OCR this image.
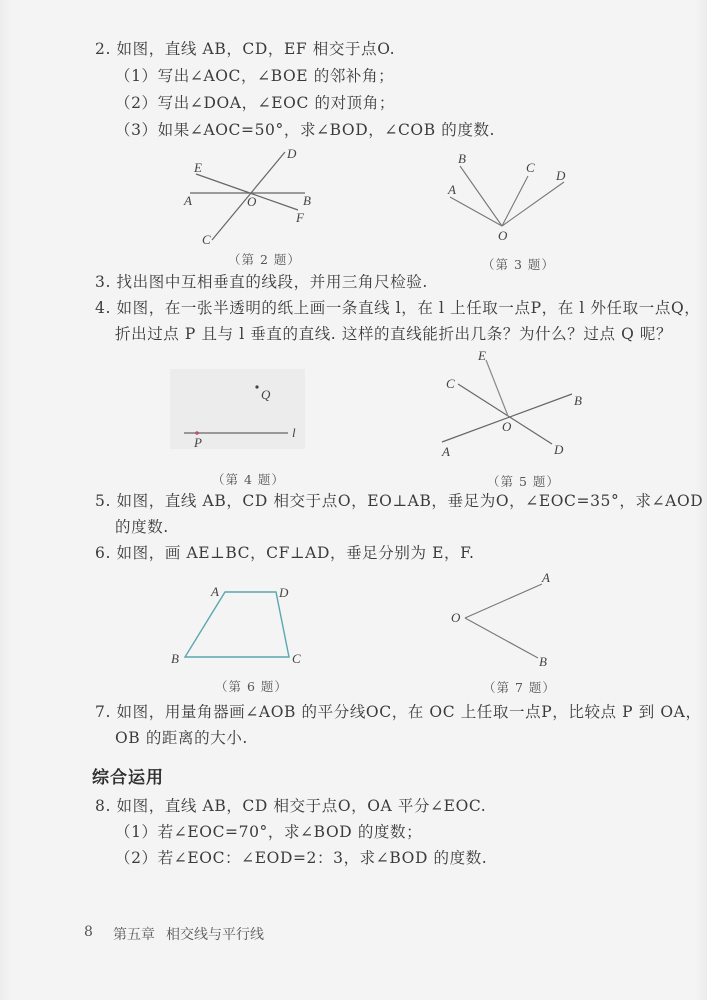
2. 如图，直线 AB，CD，EF 相交于点O.
（1）写出∠AOC，∠BOE 的邻补角；
（2）写出∠DOA，∠EOC 的对顶角；
（3）如果∠AOC=50°，求∠BOD，∠COB 的度数.
A	B
C
D
E
F
O
（第 2 题）
A
B
C
D
O
（第 3 题）
3. 找出图中互相垂直的线段，并用三角尺检验.
4. 如图，在一张半透明的纸上画一条直线 l，在 l 上任取一点P，在 l 外任取一点Q，
折出过点 P 且与 l 垂直的直线. 这样的直线能折出几条？为什么？过点 Q 呢？
P
Q
l
（第 4 题）
A
B
C
D
E
O
（第 5 题）
5. 如图，直线 AB，CD 相交于点O，EO⊥AB，垂足为O，∠EOC=35°，求∠AOD
的度数.
6. 如图，画 AE⊥BC，CF⊥AD，垂足分别为 E，F.
A	D
B	C
（第 6 题）
O
A
B
（第 7 题）
7. 如图，用量角器画∠AOB 的平分线OC，在 OC 上任取一点P，比较点 P 到 OA，
OB 的距离的大小.
综合运用
8. 如图，直线 AB，CD 相交于点O，OA 平分∠EOC.
（1）若∠EOC=70°，求∠BOD 的度数；
（2）若∠EOC：∠EOD=2：3，求∠BOD 的度数.
8 第五章 相交线与平行线
